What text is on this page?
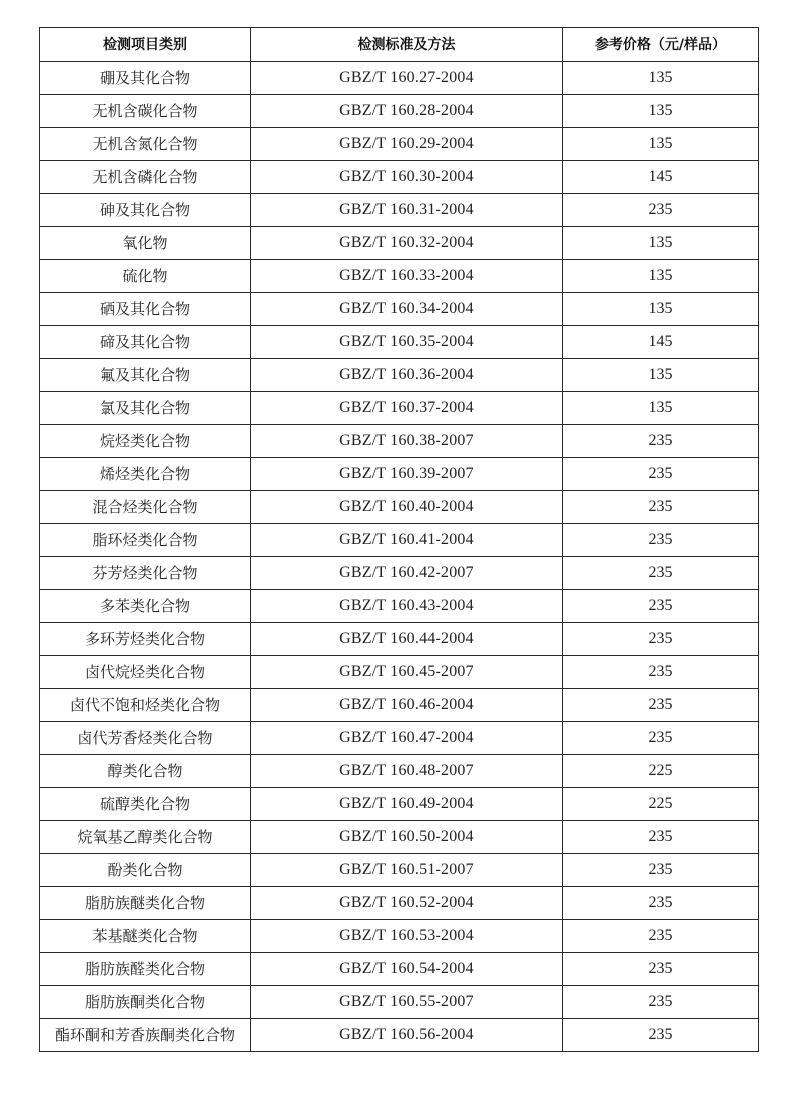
检测项目类别	检测标准及方法	参考价格（元/样品）
硼及其化合物	GBZ/T 160.27-2004	135
无机含碳化合物	GBZ/T 160.28-2004	135
无机含氮化合物	GBZ/T 160.29-2004	135
无机含磷化合物	GBZ/T 160.30-2004	145
砷及其化合物	GBZ/T 160.31-2004	235
氧化物	GBZ/T 160.32-2004	135
硫化物	GBZ/T 160.33-2004	135
硒及其化合物	GBZ/T 160.34-2004	135
碲及其化合物	GBZ/T 160.35-2004	145
氟及其化合物	GBZ/T 160.36-2004	135
氯及其化合物	GBZ/T 160.37-2004	135
烷烃类化合物	GBZ/T 160.38-2007	235
烯烃类化合物	GBZ/T 160.39-2007	235
混合烃类化合物	GBZ/T 160.40-2004	235
脂环烃类化合物	GBZ/T 160.41-2004	235
芬芳烃类化合物	GBZ/T 160.42-2007	235
多苯类化合物	GBZ/T 160.43-2004	235
多环芳烃类化合物	GBZ/T 160.44-2004	235
卤代烷烃类化合物	GBZ/T 160.45-2007	235
卤代不饱和烃类化合物	GBZ/T 160.46-2004	235
卤代芳香烃类化合物	GBZ/T 160.47-2004	235
醇类化合物	GBZ/T 160.48-2007	225
硫醇类化合物	GBZ/T 160.49-2004	225
烷氧基乙醇类化合物	GBZ/T 160.50-2004	235
酚类化合物	GBZ/T 160.51-2007	235
脂肪族醚类化合物	GBZ/T 160.52-2004	235
苯基醚类化合物	GBZ/T 160.53-2004	235
脂肪族醛类化合物	GBZ/T 160.54-2004	235
脂肪族酮类化合物	GBZ/T 160.55-2007	235
酯环酮和芳香族酮类化合物	GBZ/T 160.56-2004	235
